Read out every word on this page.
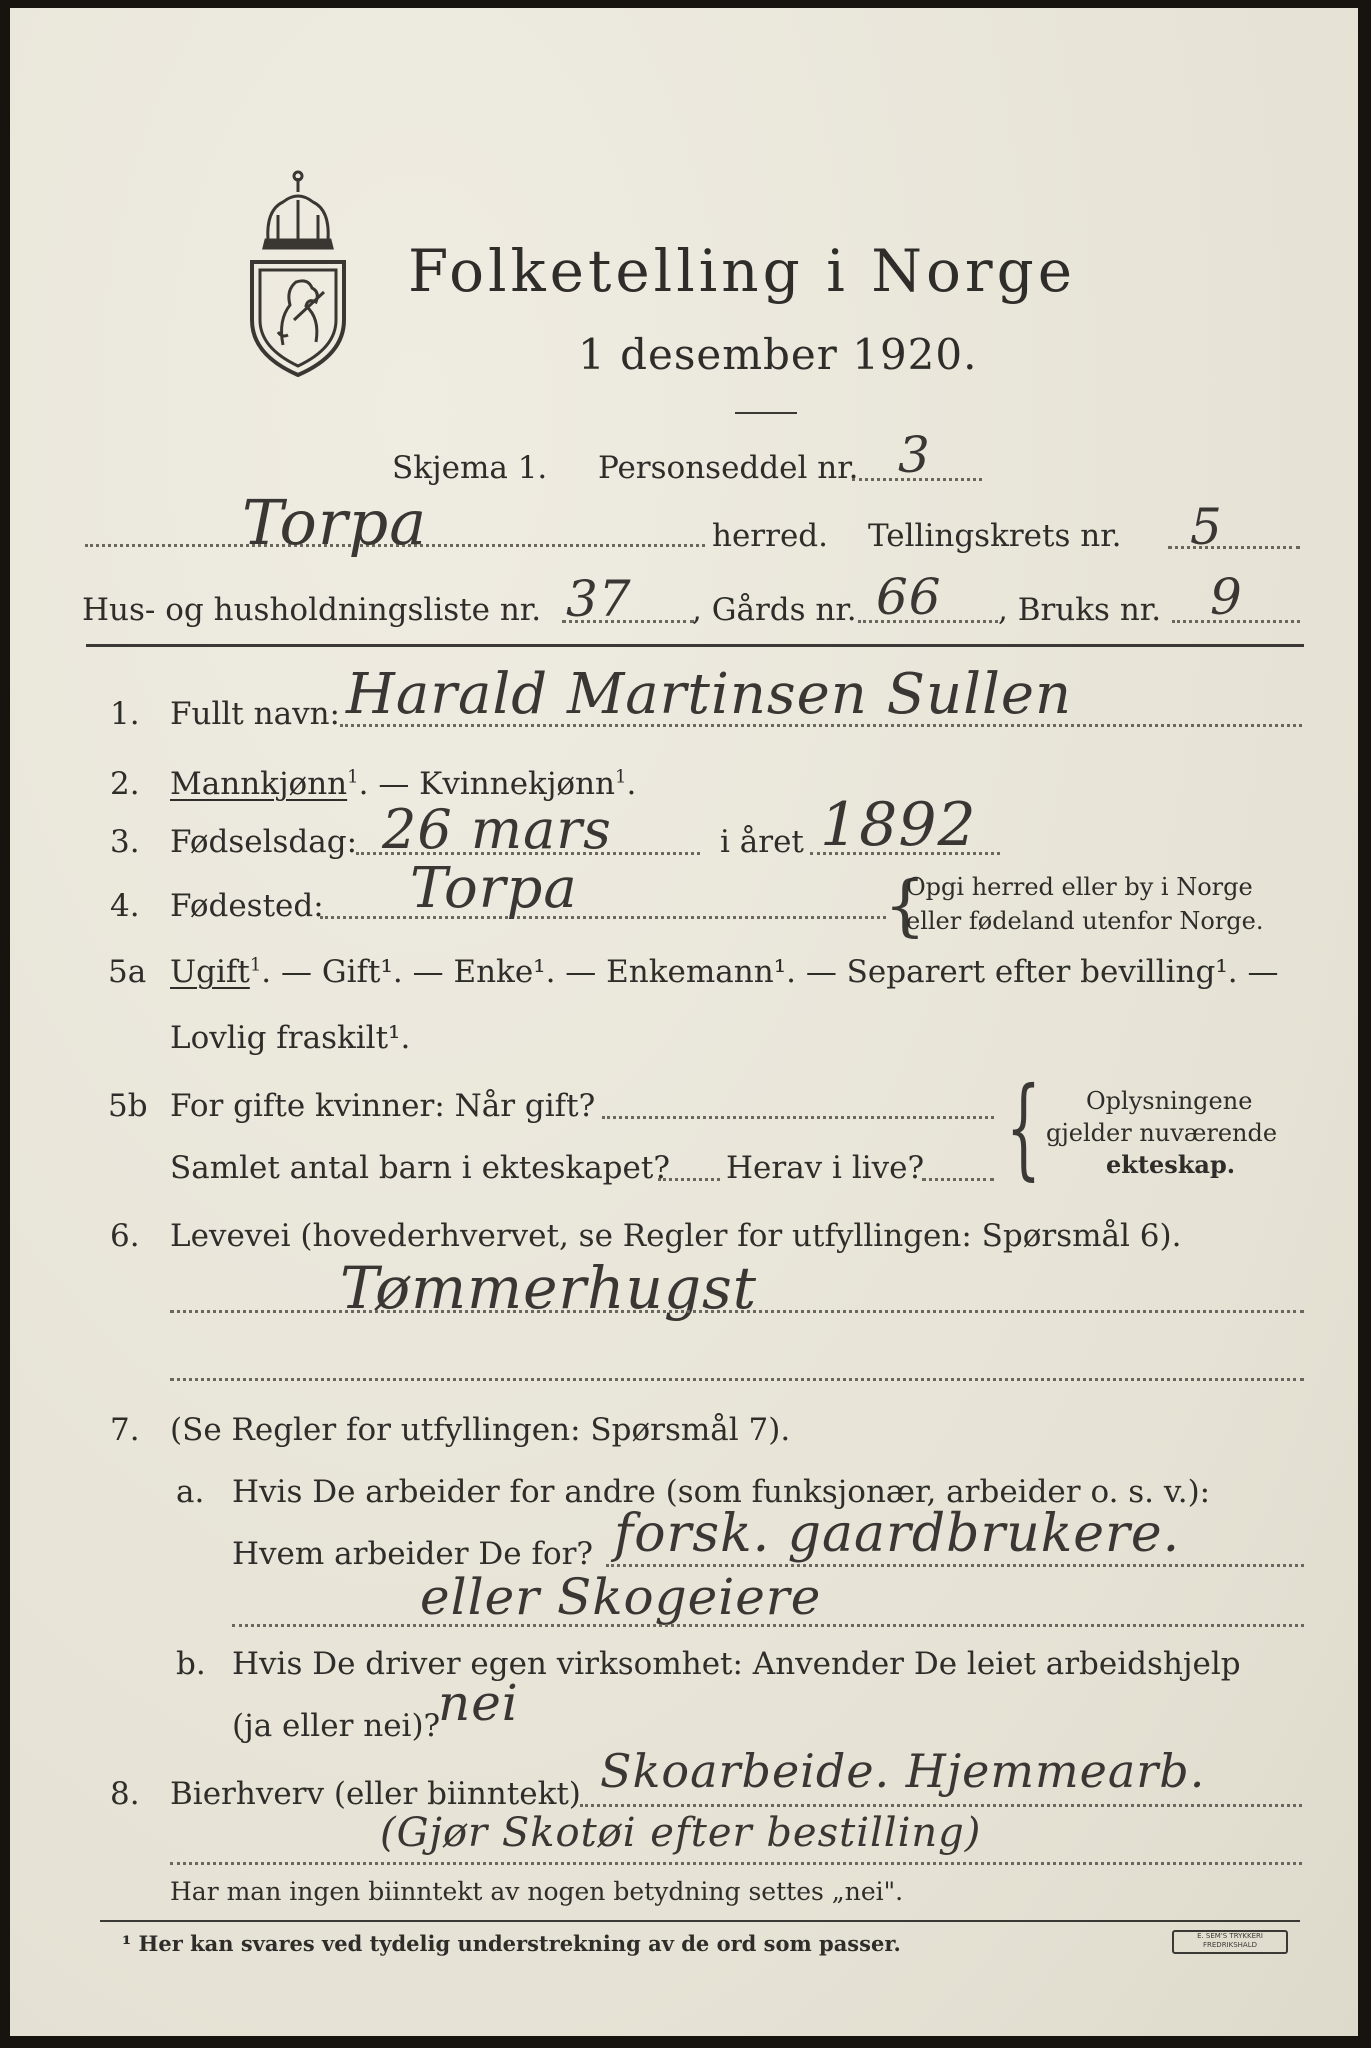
Folketelling i Norge
1 desember 1920.
Skjema 1. Personseddel nr. 3
Torpa	herred. Tellingskrets nr. 5
Hus- og husholdningsliste nr. 37 , Gårds nr. 66 , Bruks nr. 9
1. Fullt navn: Harald Martinsen Sullen
2. Mannkjønn$^1$. — Kvinnekjønn$^1$.
3. Fødselsdag: 26 mars	i året 1892
4. Fødested: Torpa	{
Opgi herred eller by i Norge
eller fødeland utenfor Norge.
5a Ugift$^1$. — Gift¹. — Enke¹. — Enkemann¹. — Separert efter bevilling¹. —
Lovlig fraskilt¹.
5b For gifte kvinner: Når gift?
Samlet antal barn i ekteskapet? Herav i live? { Oplysningene
gjelder nuværende
ekteskap.
6. Levevei (hovederhvervet, se Regler for utfyllingen: Spørsmål 6).
Tømmerhugst
7. (Se Regler for utfyllingen: Spørsmål 7).
a. Hvis De arbeider for andre (som funksjonær, arbeider o. s. v.):
Hvem arbeider De for? forsk. gaardbrukere.
eller Skogeiere
b. Hvis De driver egen virksomhet: Anvender De leiet arbeidshjelp
(ja eller nei)?
nei
8. Bierhverv (eller biinntekt) Skoarbeide. Hjemmearb.
(Gjør Skotøi efter bestilling)
Har man ingen biinntekt av nogen betydning settes „nei".
¹ Her kan svares ved tydelig understrekning av de ord som passer.	E. SEM'S TRYKKERI FREDRIKSHALD
